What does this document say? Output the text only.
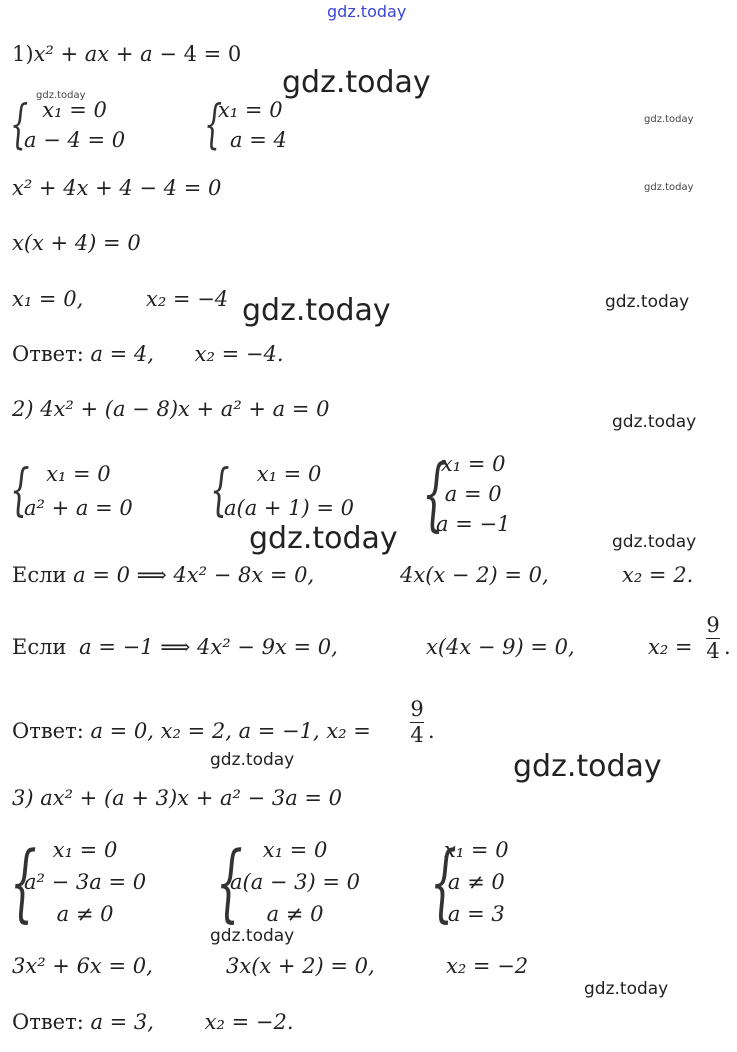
gdz.today
gdz.today
gdz.today
gdz.today
gdz.today
gdz.today	gdz.today
gdz.today
gdz.today	gdz.today
gdz.today	gdz.today
gdz.today
gdz.today
1)x² + ax + a − 4 = 0
{ x₁ = 0
a − 4 = 0 {
x₁ = 0
a = 4
x² + 4x + 4 − 4 = 0
x(x + 4) = 0
x₁ = 0,	x₂ = −4
Ответ: a = 4, x₂ = −4.
2) 4x² + (a − 8)x + a² + a = 0
{ x₁ = 0
a² + a = 0 { x₁ = 0
a(a + 1) = 0 {
x₁ = 0
a = 0
a = −1
Если a = 0 ⟹ 4x² − 8x = 0,	4x(x − 2) = 0,	x₂ = 2.
Если a = −1 ⟹ 4x² − 9x = 0,	x(4x − 9) = 0,	x₂ =
9
4 .
Ответ: a = 0, x₂ = 2, a = −1, x₂ =
9
4 .
3) ax² + (a + 3)x + a² − 3a = 0
{ x₁ = 0
a² − 3a = 0
a ≠ 0 { x₁ = 0
a(a − 3) = 0
a ≠ 0 {
x₁ = 0
a ≠ 0
a = 3
3x² + 6x = 0,	3x(x + 2) = 0,	x₂ = −2
Ответ: a = 3, x₂ = −2.
